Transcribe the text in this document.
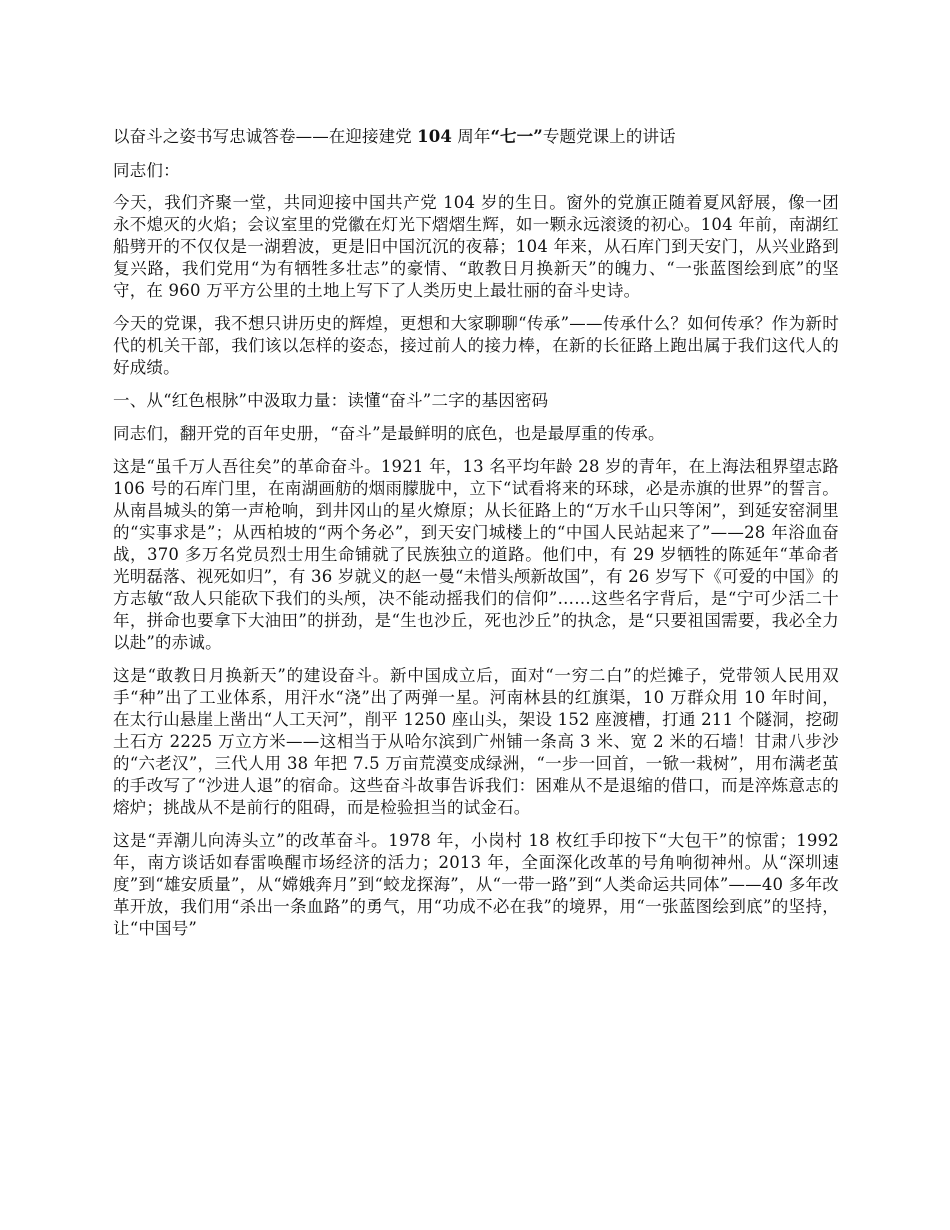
以奋斗之姿书写忠诚答卷——在迎接建党 104 周年“七一”专题党课上的讲话

同志们：

今天，我们齐聚一堂，共同迎接中国共产党 104 岁的生日。窗外的党旗正随着夏风舒展，像一团永不熄灭的火焰；会议室里的党徽在灯光下熠熠生辉，如一颗永远滚烫的初心。104 年前，南湖红船劈开的不仅仅是一湖碧波，更是旧中国沉沉的夜幕；104 年来，从石库门到天安门，从兴业路到复兴路，我们党用“为有牺牲多壮志”的豪情、“敢教日月换新天”的魄力、“一张蓝图绘到底”的坚守，在 960 万平方公里的土地上写下了人类历史上最壮丽的奋斗史诗。

今天的党课，我不想只讲历史的辉煌，更想和大家聊聊“传承”——传承什么？如何传承？作为新时代的机关干部，我们该以怎样的姿态，接过前人的接力棒，在新的长征路上跑出属于我们这代人的好成绩。

一、从“红色根脉”中汲取力量：读懂“奋斗”二字的基因密码

同志们，翻开党的百年史册，“奋斗”是最鲜明的底色，也是最厚重的传承。

这是“虽千万人吾往矣”的革命奋斗。1921 年，13 名平均年龄 28 岁的青年，在上海法租界望志路 106 号的石库门里，在南湖画舫的烟雨朦胧中，立下“试看将来的环球，必是赤旗的世界”的誓言。从南昌城头的第一声枪响，到井冈山的星火燎原；从长征路上的“万水千山只等闲”，到延安窑洞里的“实事求是”；从西柏坡的“两个务必”，到天安门城楼上的“中国人民站起来了”——28 年浴血奋战，370 多万名党员烈士用生命铺就了民族独立的道路。他们中，有 29 岁牺牲的陈延年“革命者光明磊落、视死如归”，有 36 岁就义的赵一曼“未惜头颅新故国”，有 26 岁写下《可爱的中国》的方志敏“敌人只能砍下我们的头颅，决不能动摇我们的信仰”……这些名字背后，是“宁可少活二十年，拼命也要拿下大油田”的拼劲，是“生也沙丘，死也沙丘”的执念，是“只要祖国需要，我必全力以赴”的赤诚。

这是“敢教日月换新天”的建设奋斗。新中国成立后，面对“一穷二白”的烂摊子，党带领人民用双手“种”出了工业体系，用汗水“浇”出了两弹一星。河南林县的红旗渠，10 万群众用 10 年时间，在太行山悬崖上凿出“人工天河”，削平 1250 座山头，架设 152 座渡槽，打通 211 个隧洞，挖砌土石方 2225 万立方米——这相当于从哈尔滨到广州铺一条高 3 米、宽 2 米的石墙！甘肃八步沙的“六老汉”，三代人用 38 年把 7.5 万亩荒漠变成绿洲，“一步一回首，一锨一栽树”，用布满老茧的手改写了“沙进人退”的宿命。这些奋斗故事告诉我们：困难从不是退缩的借口，而是淬炼意志的熔炉；挑战从不是前行的阻碍，而是检验担当的试金石。

这是“弄潮儿向涛头立”的改革奋斗。1978 年，小岗村 18 枚红手印按下“大包干”的惊雷；1992 年，南方谈话如春雷唤醒市场经济的活力；2013 年，全面深化改革的号角响彻神州。从“深圳速度”到“雄安质量”，从“嫦娥奔月”到“蛟龙探海”，从“一带一路”到“人类命运共同体”——40 多年改革开放，我们用“杀出一条血路”的勇气，用“功成不必在我”的境界，用“一张蓝图绘到底”的坚持，让“中国号”
